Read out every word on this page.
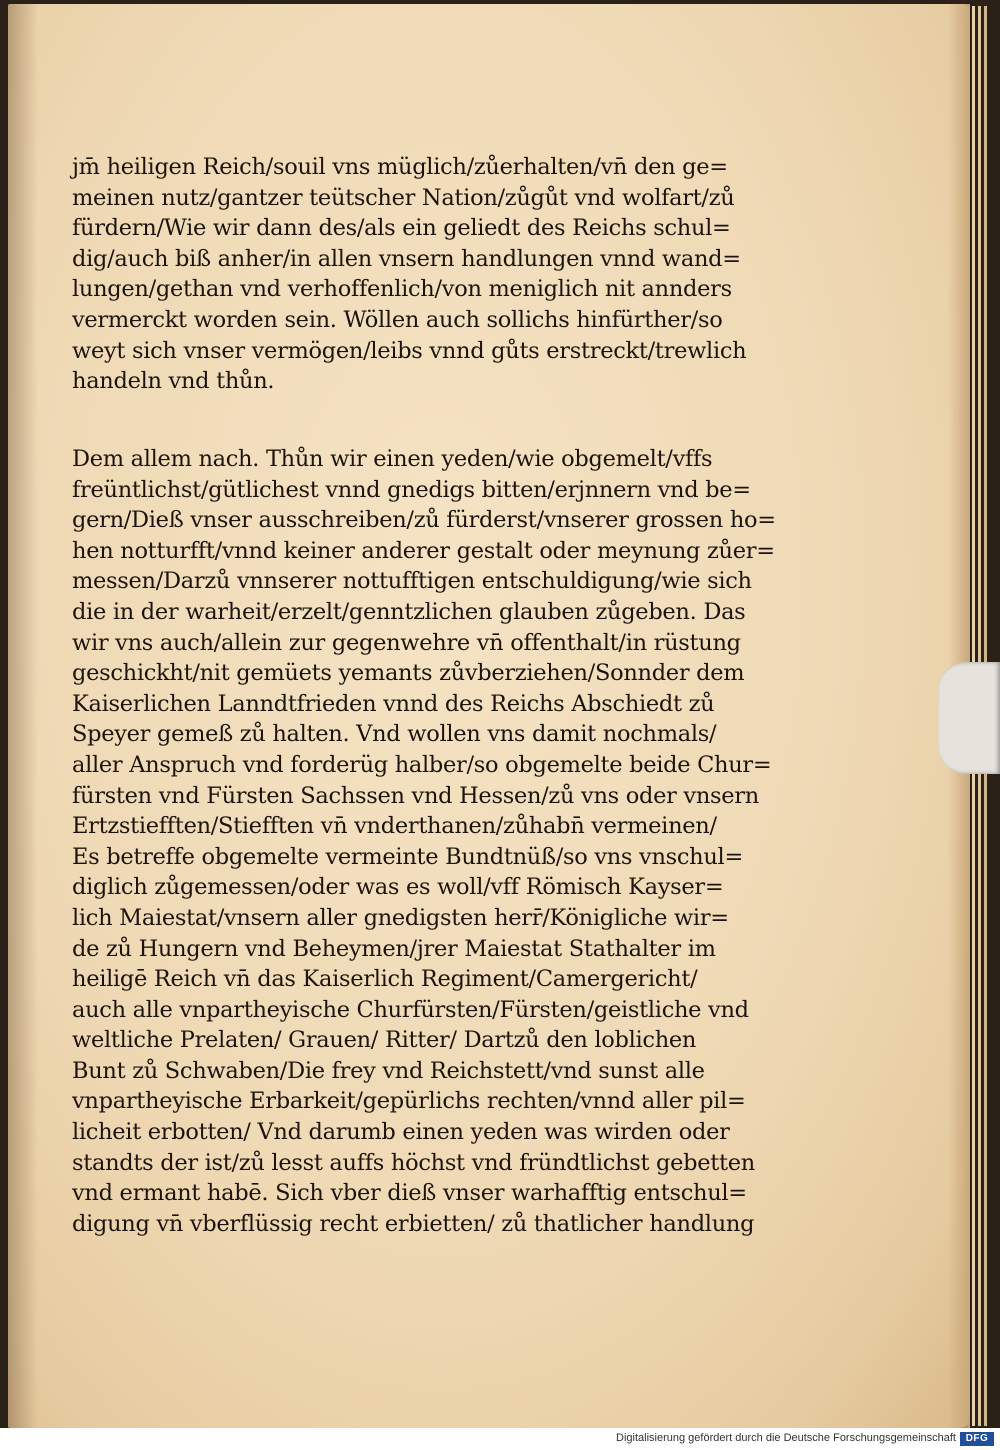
jm̄ heiligen Reich/souil vns müglich/zůerhalten/vn̄ den ge=
meinen nutz/gantzer teütscher Nation/zůgůt vnd wolfart/zů
fürdern/Wie wir dann des/als ein geliedt des Reichs schul=
dig/auch biß anher/in allen vnsern handlungen vnnd wand=
lungen/gethan vnd verhoffenlich/von meniglich nit annders
vermerckt worden sein. Wöllen auch sollichs hinfürther/so
weyt sich vnser vermögen/leibs vnnd gůts erstreckt/trewlich
handeln vnd thůn.
Dem allem nach. Thůn wir einen yeden/wie obgemelt/vffs
freüntlichst/gütlichest vnnd gnedigs bitten/erjnnern vnd be=
gern/Dieß vnser ausschreiben/zů fürderst/vnserer grossen ho=
hen notturfft/vnnd keiner anderer gestalt oder meynung zůer=
messen/Darzů vnnserer nottufftigen entschuldigung/wie sich
die in der warheit/erzelt/genntzlichen glauben zůgeben. Das
wir vns auch/allein zur gegenwehre vn̄ offenthalt/in rüstung
geschickht/nit gemüets yemants zůvberziehen/Sonnder dem
Kaiserlichen Lanndtfrieden vnnd des Reichs Abschiedt zů
Speyer gemeß zů halten. Vnd wollen vns damit nochmals/
aller Anspruch vnd forderüg halber/so obgemelte beide Chur=
fürsten vnd Fürsten Sachssen vnd Hessen/zů vns oder vnsern
Ertzstiefften/Stiefften vn̄ vnderthanen/zůhabn̄ vermeinen/
Es betreffe obgemelte vermeinte Bundtnüß/so vns vnschul=
diglich zůgemessen/oder was es woll/vff Römisch Kayser=
lich Maiestat/vnsern aller gnedigsten herr̄/Königliche wir=
de zů Hungern vnd Beheymen/jrer Maiestat Stathalter im
heiligē Reich vn̄ das Kaiserlich Regiment/Camergericht/
auch alle vnpartheyische Churfürsten/Fürsten/geistliche vnd
weltliche Prelaten/ Grauen/ Ritter/ Dartzů den loblichen
Bunt zů Schwaben/Die frey vnd Reichstett/vnd sunst alle
vnpartheyische Erbarkeit/gepürlichs rechten/vnnd aller pil=
licheit erbotten/ Vnd darumb einen yeden was wirden oder
standts der ist/zů lesst auffs höchst vnd fründtlichst gebetten
vnd ermant habē. Sich vber dieß vnser warhafftig entschul=
digung vn̄ vberflüssig recht erbietten/ zů thatlicher handlung
Digitalisierung gefördert durch die Deutsche Forschungsgemeinschaft DFG
